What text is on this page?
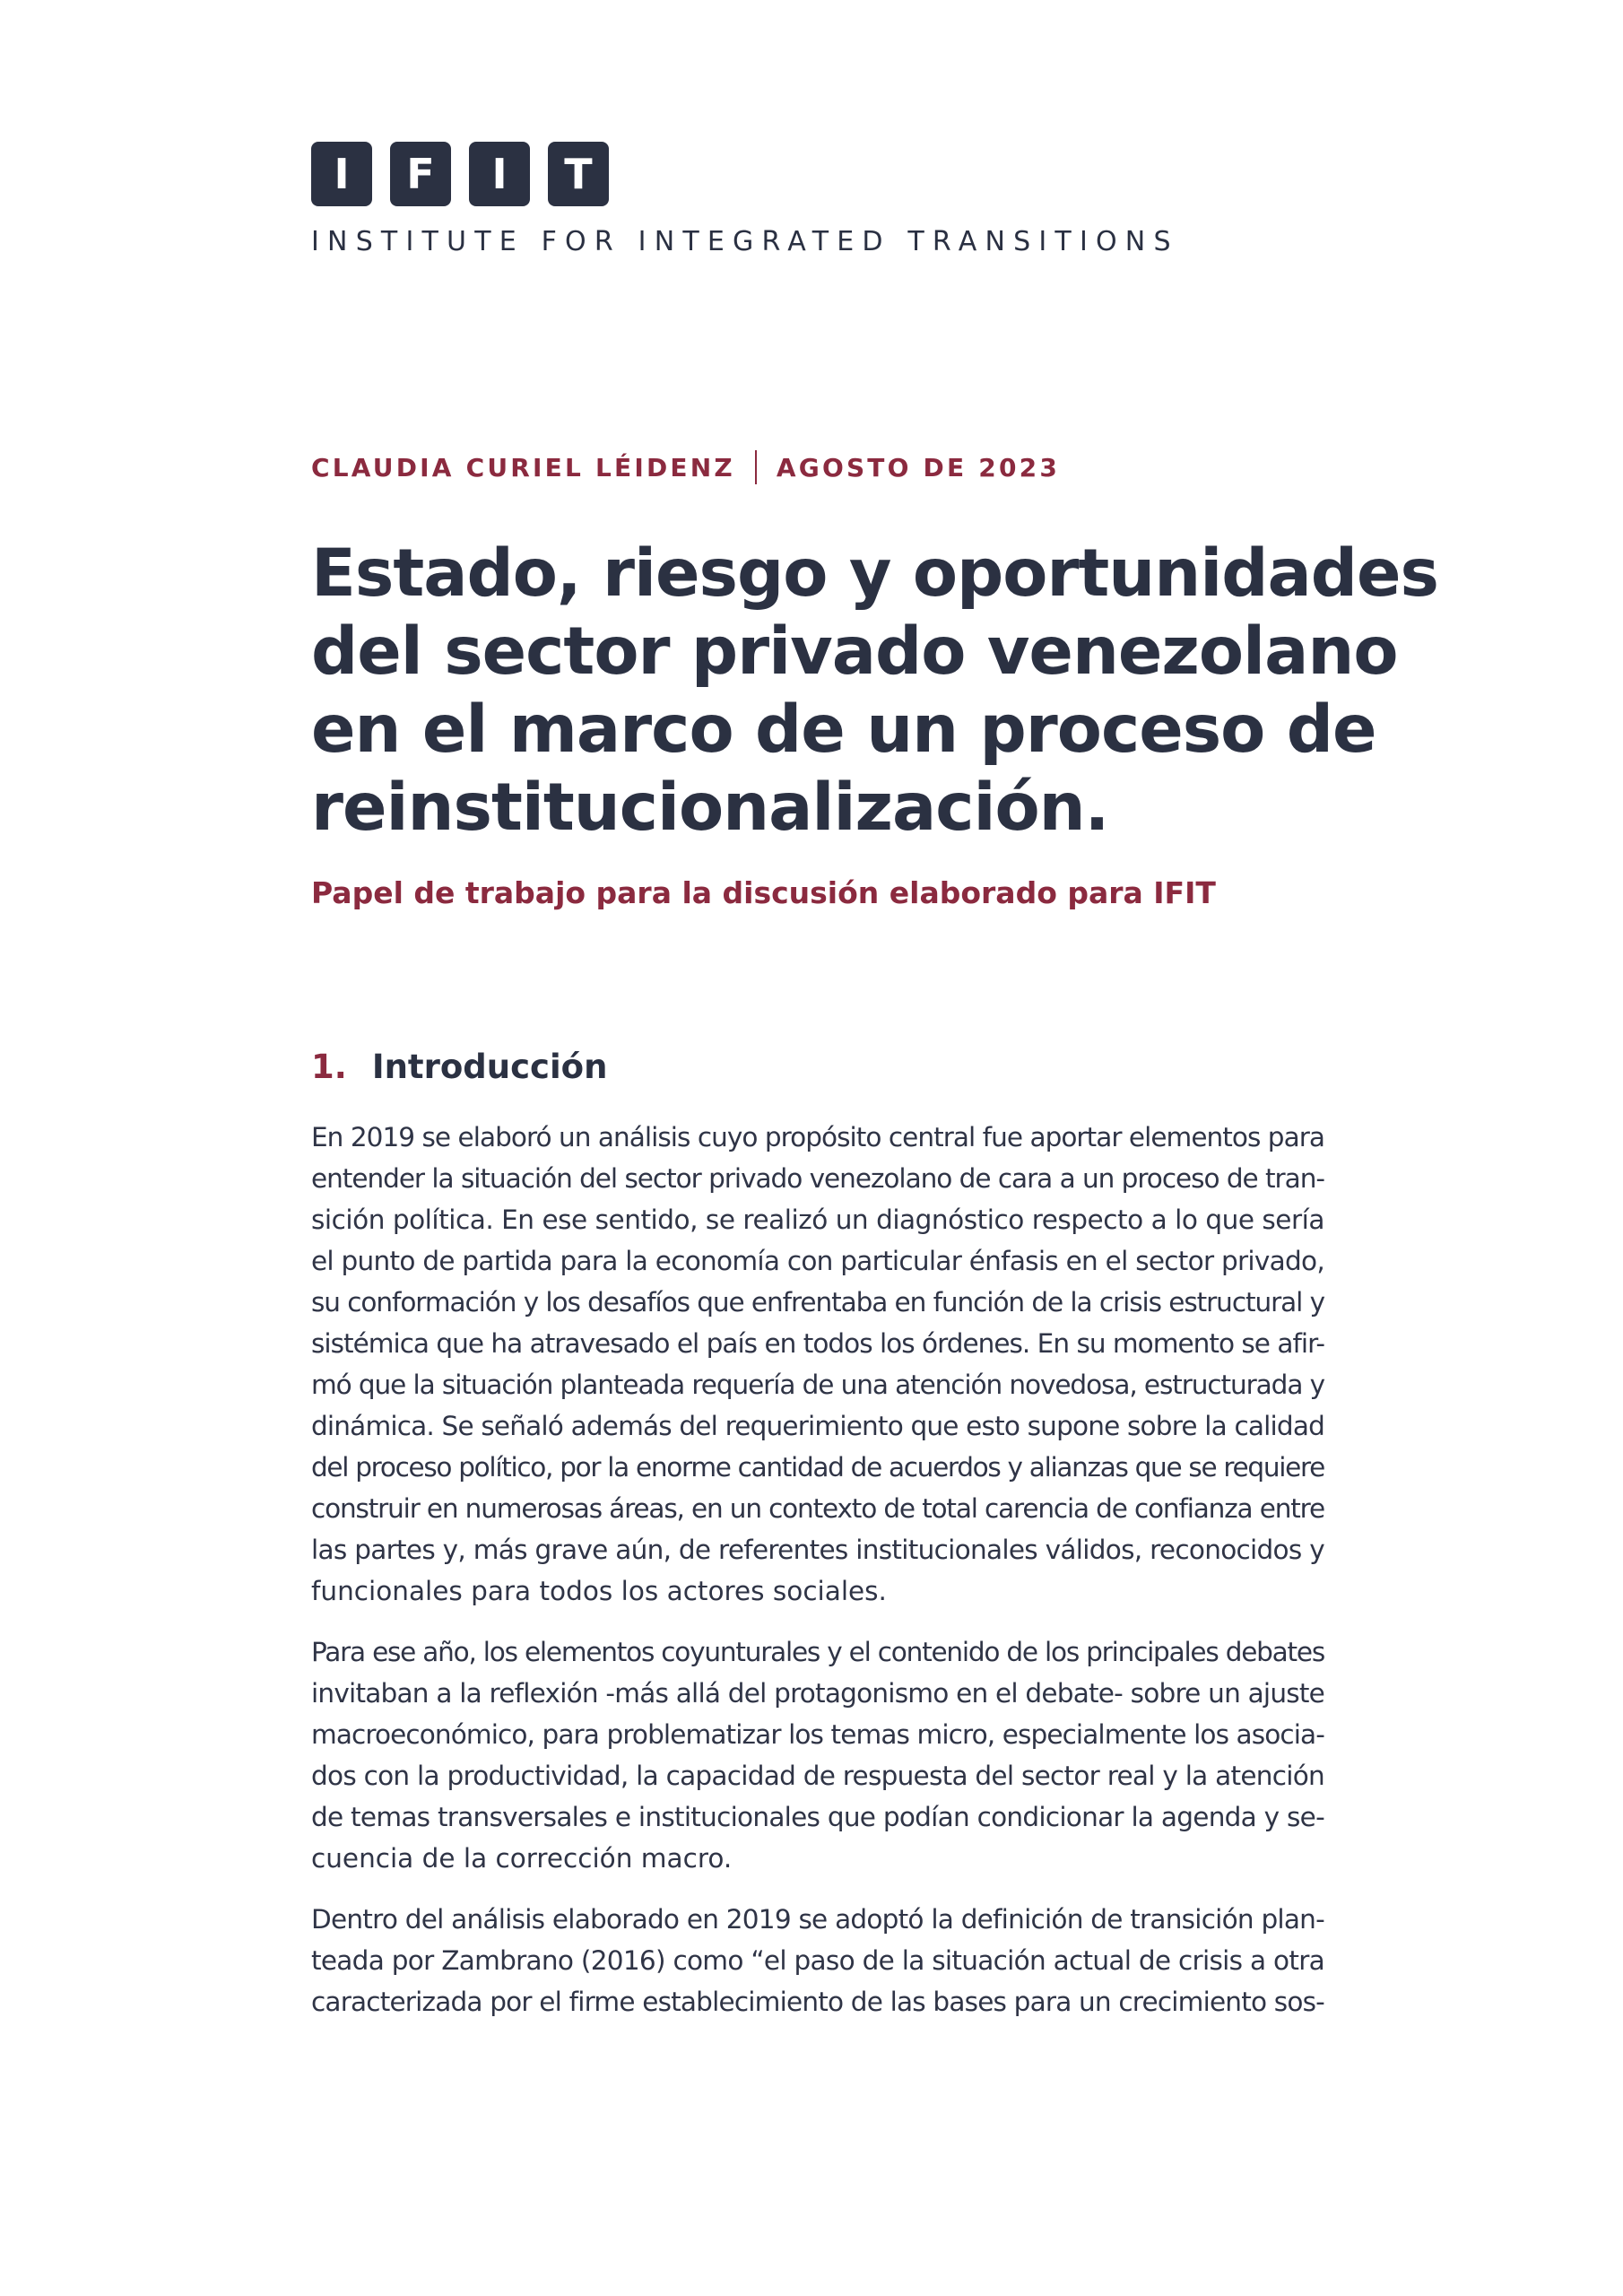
I	F	I	T
INSTITUTE FOR INTEGRATED TRANSITIONS
CLAUDIA CURIEL LÉIDENZ AGOSTO DE 2023
Estado, riesgo y oportunidades
del sector privado venezolano
en el marco de un proceso de
reinstitucionalización.
Papel de trabajo para la discusión elaborado para IFIT
1. Introducción

En 2019 se elaboró un análisis cuyo propósito central fue aportar elementos para
entender la situación del sector privado venezolano de cara a un proceso de tran-
sición política. En ese sentido, se realizó un diagnóstico respecto a lo que sería
el punto de partida para la economía con particular énfasis en el sector privado,
su conformación y los desafíos que enfrentaba en función de la crisis estructural y
sistémica que ha atravesado el país en todos los órdenes. En su momento se afir-
mó que la situación planteada requería de una atención novedosa, estructurada y
dinámica. Se señaló además del requerimiento que esto supone sobre la calidad
del proceso político, por la enorme cantidad de acuerdos y alianzas que se requiere
construir en numerosas áreas, en un contexto de total carencia de confianza entre
las partes y, más grave aún, de referentes institucionales válidos, reconocidos y
funcionales para todos los actores sociales.

Para ese año, los elementos coyunturales y el contenido de los principales debates
invitaban a la reflexión -más allá del protagonismo en el debate- sobre un ajuste
macroeconómico, para problematizar los temas micro, especialmente los asocia-
dos con la productividad, la capacidad de respuesta del sector real y la atención
de temas transversales e institucionales que podían condicionar la agenda y se-
cuencia de la corrección macro.

Dentro del análisis elaborado en 2019 se adoptó la definición de transición plan-
teada por Zambrano (2016) como “el paso de la situación actual de crisis a otra
caracterizada por el firme establecimiento de las bases para un crecimiento sos-
